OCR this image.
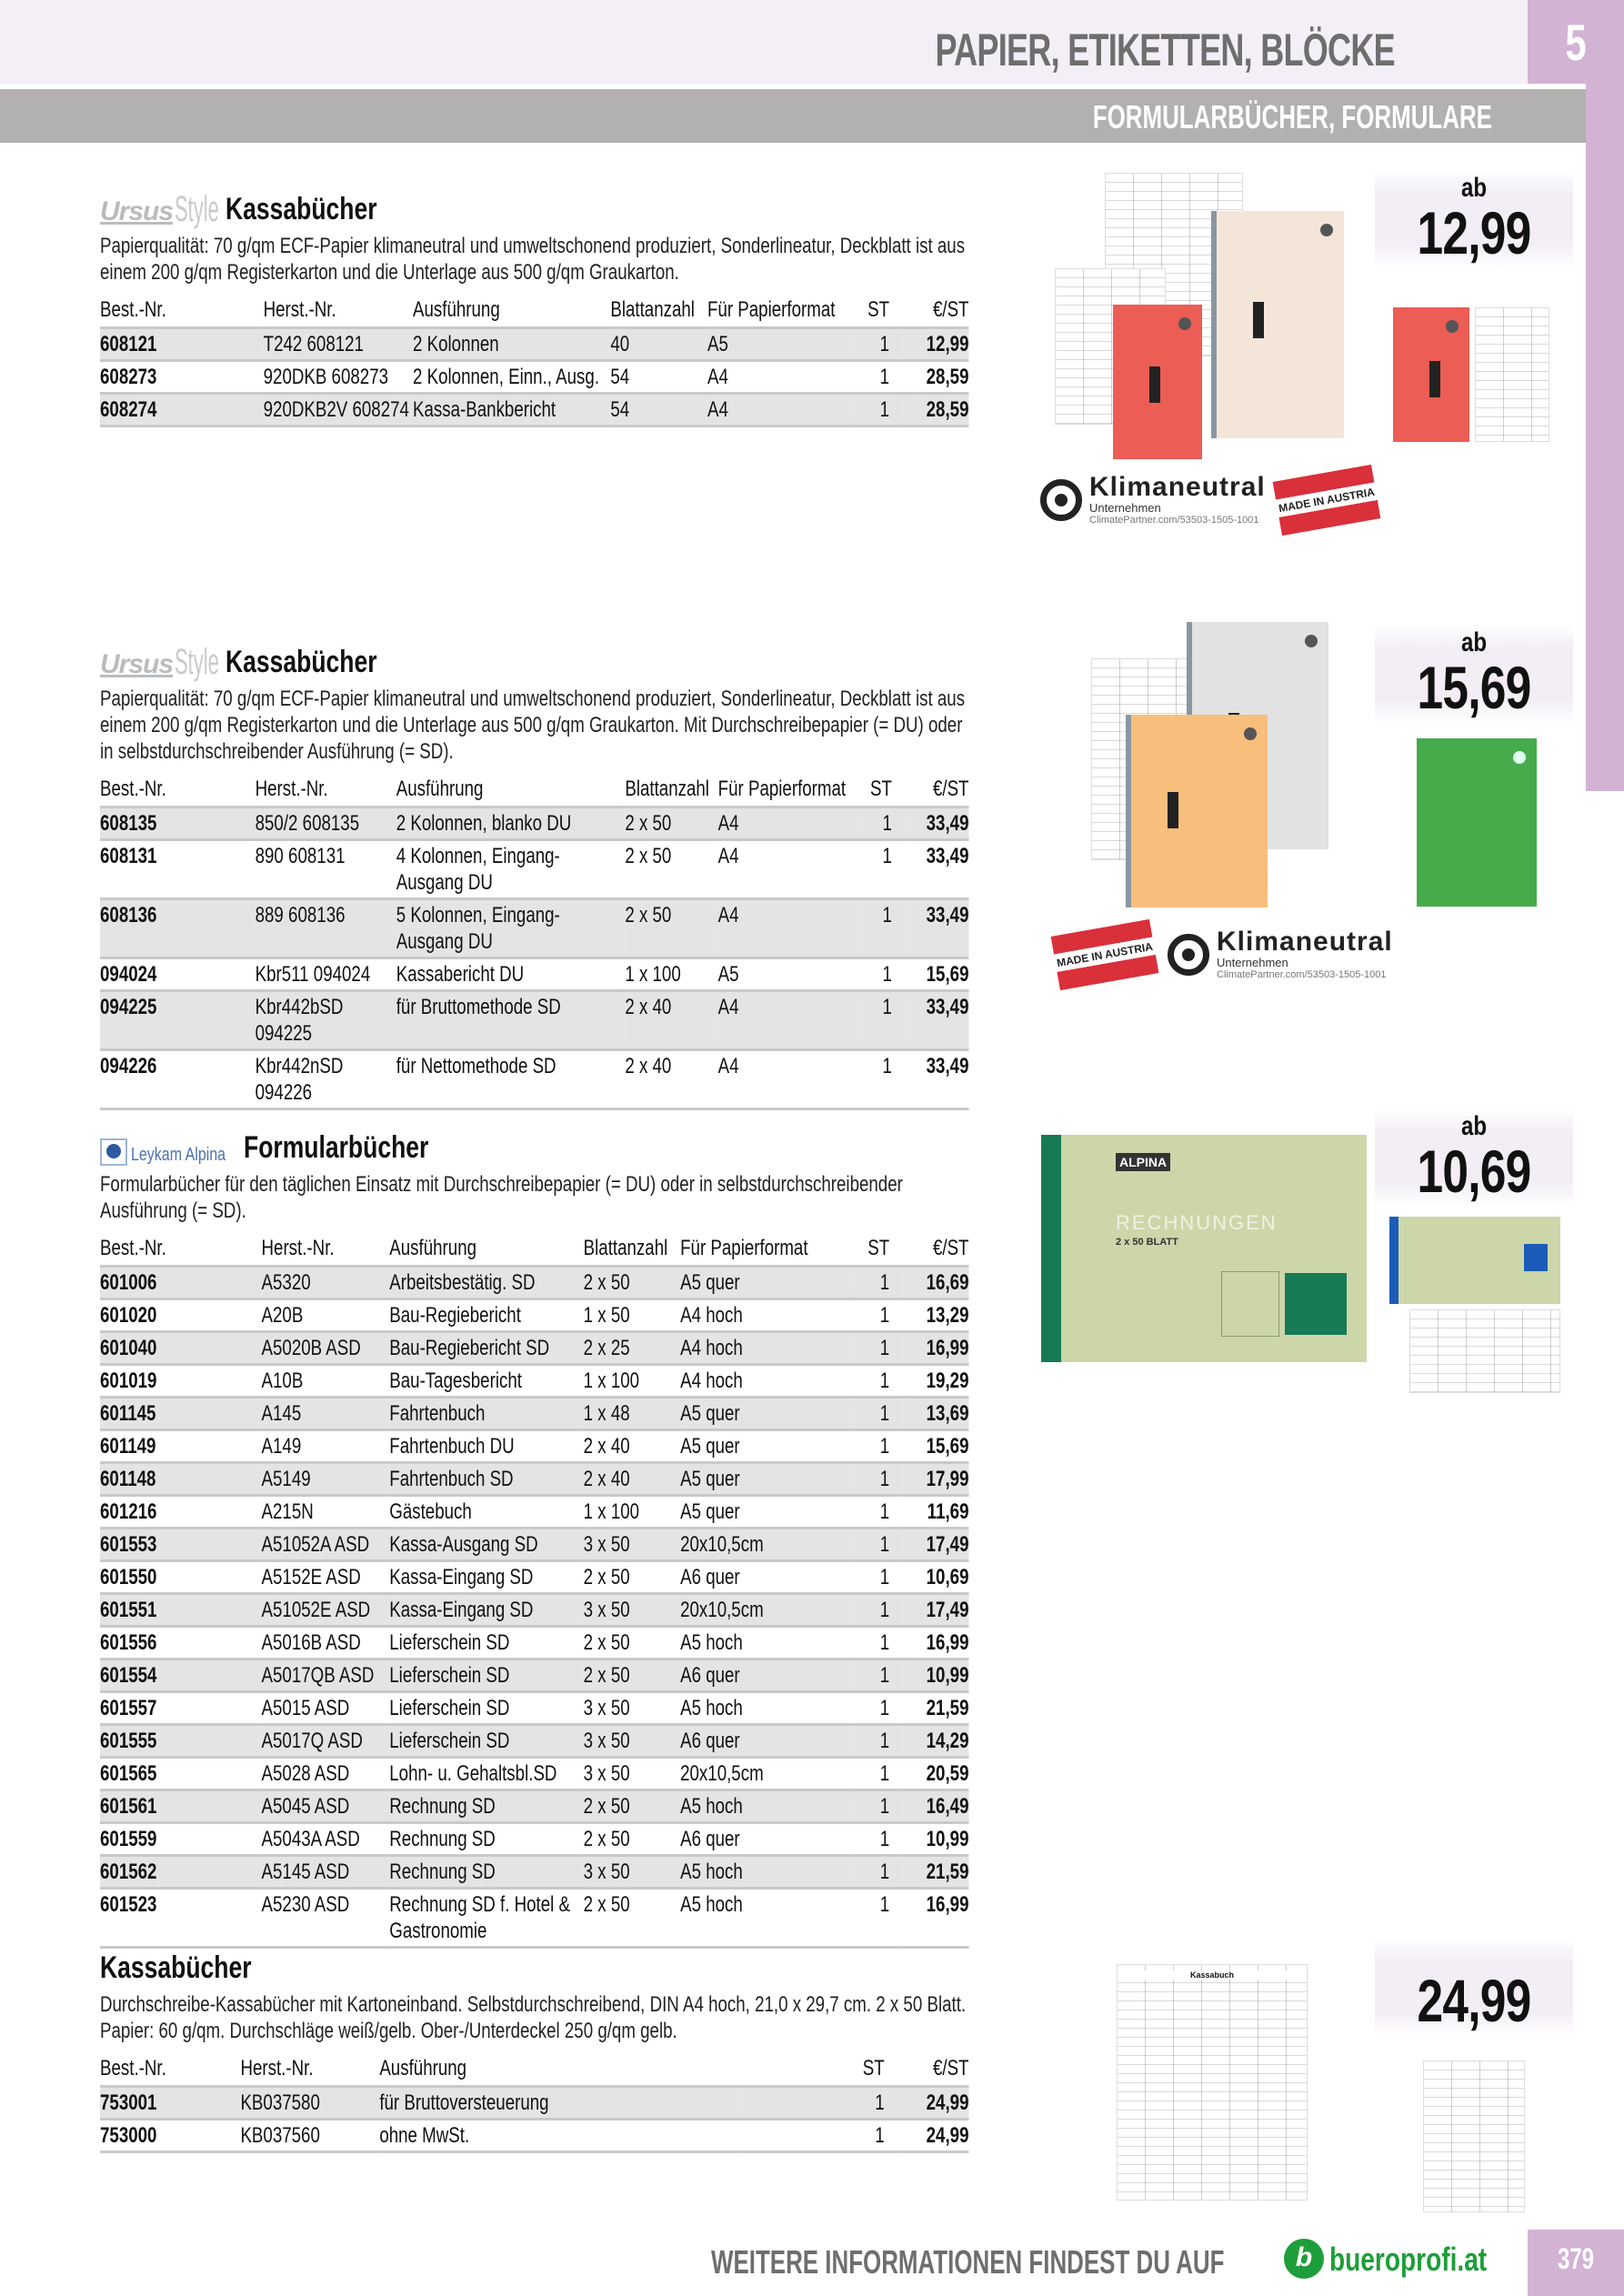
PAPIER, ETIKETTEN, BLÖCKE	5
FORMULARBÜCHER, FORMULARE
Ursus Style Kassabücher
Papierqualität: 70 g/qm ECF-Papier klimaneutral und umweltschonend produziert, Sonderlineatur, Deckblatt ist aus einem 200 g/qm Registerkarton und die Unterlage aus 500 g/qm Graukarton.
Best.-Nr.	Herst.-Nr.	Ausführung	Blattanzahl	Für Papierformat	ST	€/ST
608121	T242 608121	2 Kolonnen	40	A5	1	12,99
608273	920DKB 608273	2 Kolonnen, Einn., Ausg.	54	A4	1	28,59
608274	920DKB2V 608274	Kassa-Bankbericht	54	A4	1	28,59
ab
12,99
Klimaneutral
Unternehmen
ClimatePartner.com/53503-1505-1001
MADE IN AUSTRIA
Ursus Style Kassabücher
Papierqualität: 70 g/qm ECF-Papier klimaneutral und umweltschonend produziert, Sonderlineatur, Deckblatt ist aus einem 200 g/qm Registerkarton und die Unterlage aus 500 g/qm Graukarton. Mit Durchschreibepapier (= DU) oder in selbstdurchschreibender Ausführung (= SD).
Best.-Nr.	Herst.-Nr.	Ausführung	Blattanzahl	Für Papierformat	ST	€/ST
608135	850/2 608135	2 Kolonnen, blanko DU	2 x 50	A4	1	33,49
608131	890 608131	4 Kolonnen, Eingang-Ausgang DU	2 x 50	A4	1	33,49
608136	889 608136	5 Kolonnen, Eingang-Ausgang DU	2 x 50	A4	1	33,49
094024	Kbr511 094024	Kassabericht DU	1 x 100	A5	1	15,69
094225	Kbr442bSD 094225	für Bruttomethode SD	2 x 40	A4	1	33,49
094226	Kbr442nSD 094226	für Nettomethode SD	2 x 40	A4	1	33,49
ab
15,69
MADE IN AUSTRIA Klimaneutral
Unternehmen
ClimatePartner.com/53503-1505-1001
Leykam Alpina Formularbücher
Formularbücher für den täglichen Einsatz mit Durchschreibepapier (= DU) oder in selbstdurchschreibender Ausführung (= SD).
Best.-Nr.	Herst.-Nr.	Ausführung	Blattanzahl	Für Papierformat	ST	€/ST
601006	A5320	Arbeitsbestätig. SD	2 x 50	A5 quer	1	16,69
601020	A20B	Bau-Regiebericht	1 x 50	A4 hoch	1	13,29
601040	A5020B ASD	Bau-Regiebericht SD	2 x 25	A4 hoch	1	16,99
601019	A10B	Bau-Tagesbericht	1 x 100	A4 hoch	1	19,29
601145	A145	Fahrtenbuch	1 x 48	A5 quer	1	13,69
601149	A149	Fahrtenbuch DU	2 x 40	A5 quer	1	15,69
601148	A5149	Fahrtenbuch SD	2 x 40	A5 quer	1	17,99
601216	A215N	Gästebuch	1 x 100	A5 quer	1	11,69
601553	A51052A ASD	Kassa-Ausgang SD	3 x 50	20x10,5cm	1	17,49
601550	A5152E ASD	Kassa-Eingang SD	2 x 50	A6 quer	1	10,69
601551	A51052E ASD	Kassa-Eingang SD	3 x 50	20x10,5cm	1	17,49
601556	A5016B ASD	Lieferschein SD	2 x 50	A5 hoch	1	16,99
601554	A5017QB ASD	Lieferschein SD	2 x 50	A6 quer	1	10,99
601557	A5015 ASD	Lieferschein SD	3 x 50	A5 hoch	1	21,59
601555	A5017Q ASD	Lieferschein SD	3 x 50	A6 quer	1	14,29
601565	A5028 ASD	Lohn- u. Gehaltsbl.SD	3 x 50	20x10,5cm	1	20,59
601561	A5045 ASD	Rechnung SD	2 x 50	A5 hoch	1	16,49
601559	A5043A ASD	Rechnung SD	2 x 50	A6 quer	1	10,99
601562	A5145 ASD	Rechnung SD	3 x 50	A5 hoch	1	21,59
601523	A5230 ASD	Rechnung SD f. Hotel & Gastronomie	2 x 50	A5 hoch	1	16,99
ALPINA
RECHNUNGEN
2 x 50 BLATT
ab
10,69
Kassabücher
Durchschreibe-Kassabücher mit Kartoneinband. Selbstdurchschreibend, DIN A4 hoch, 21,0 x 29,7 cm. 2 x 50 Blatt. Papier: 60 g/qm. Durchschläge weiß/gelb. Ober-/Unterdeckel 250 g/qm gelb.
Best.-Nr.	Herst.-Nr.	Ausführung	ST	€/ST
753001	KB037580	für Bruttoversteuerung	1	24,99
753000	KB037560	ohne MwSt.	1	24,99
Kassabuch	24,99
WEITERE INFORMATIONEN FINDEST DU AUF	b bueroprofi.at	379
